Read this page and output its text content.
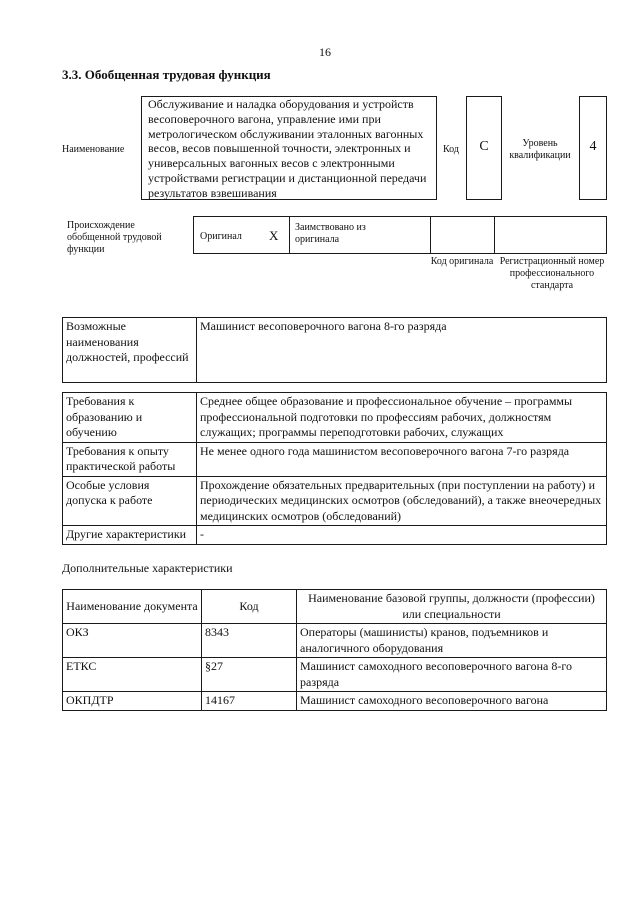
16
3.3. Обобщенная трудовая функция
Наименование
Обслуживание и наладка оборудования и устройств весоповерочного вагона, управление ими при метрологическом обслуживании эталонных вагонных весов, весов повышенной точности, электронных и универсальных вагонных весов с электронными устройствами регистрации и дистанционной передачи результатов взвешивания
Код	C	Уровень квалификации
4
Происхождение обобщенной трудовой функции
Оригинал X
Заимствовано из оригинала
Код оригинала Регистрационный номер профессионального стандарта
Возможные наименования должностей, профессий	Машинист весоповерочного вагона 8-го разряда
Требования к образованию и обучению	Среднее общее образование и профессиональное обучение – программы профессиональной подготовки по профессиям рабочих, должностям служащих; программы переподготовки рабочих, служащих
Требования к опыту практической работы	Не менее одного года машинистом весоповерочного вагона 7-го разряда
Особые условия допуска к работе	Прохождение обязательных предварительных (при поступлении на работу) и периодических медицинских осмотров (обследований), а также внеочередных медицинских осмотров (обследований)
Другие характеристики	-
Дополнительные характеристики
Наименование документа	Код	Наименование базовой группы, должности (профессии) или специальности
ОКЗ	8343	Операторы (машинисты) кранов, подъемников и аналогичного оборудования
ЕТКС	§27	Машинист самоходного весоповерочного вагона 8-го разряда
ОКПДТР	14167	Машинист самоходного весоповерочного вагона
